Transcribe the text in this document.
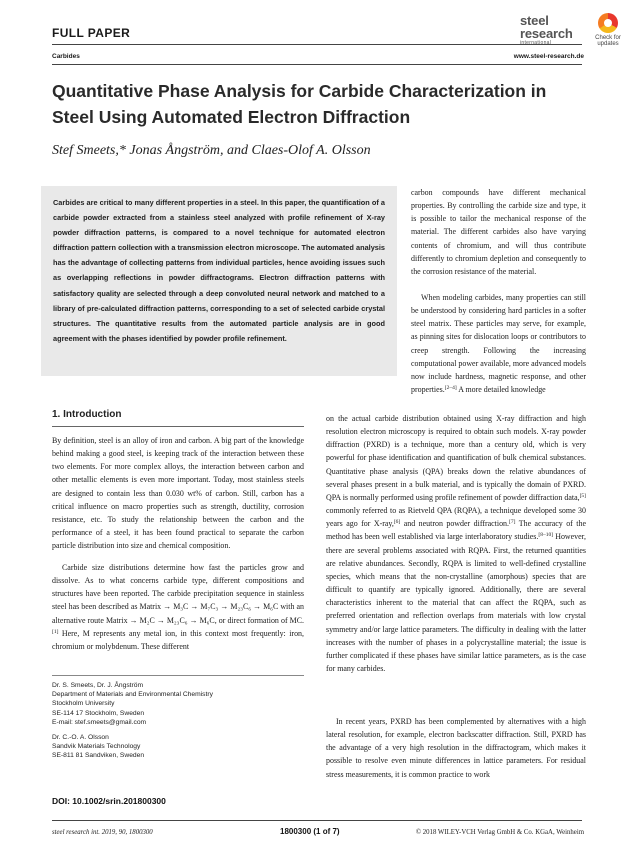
FULL PAPER
Carbides	www.steel-research.de
steel
research
international
Check for
updates
Quantitative Phase Analysis for Carbide Characterization in Steel Using Automated Electron Diffraction
Stef Smeets,* Jonas Ångström, and Claes-Olof A. Olsson
Carbides are critical to many different properties in a steel. In this paper, the quantification of a carbide powder extracted from a stainless steel analyzed with profile refinement of X-ray powder diffraction patterns, is compared to a novel technique for automated electron diffraction pattern collection with a transmission electron microscope. The automated analysis has the advantage of collecting patterns from individual particles, hence avoiding issues such as overlapping reflections in powder diffractograms. Electron diffraction patterns with satisfactory quality are selected through a deep convoluted neural network and matched to a library of pre-calculated diffraction patterns, corresponding to a set of selected carbide crystal structures. The quantitative results from the automated particle analysis are in good agreement with the phases identified by powder profile refinement.

carbon compounds have different mechanical properties. By controlling the carbide size and type, it is possible to tailor the mechanical response of the material. The different carbides also have varying contents of chromium, and will thus contribute differently to chromium depletion and consequently to the corrosion resistance of the material.

When modeling carbides, many properties can still be understood by considering hard particles in a softer steel matrix. These particles may serve, for example, as pinning sites for dislocation loops or contributors to creep strength. Following the increasing computational power available, more advanced models now include hardness, magnetic response, and other properties.[2–4] A more detailed knowledge

1. Introduction

By definition, steel is an alloy of iron and carbon. A big part of the knowledge behind making a good steel, is keeping track of the interaction between these two elements. For more complex alloys, the interaction between carbon and other metallic elements is even more important. Today, most stainless steels are designed to contain less than 0.030 wt% of carbon. Still, carbon has a critical influence on macro properties such as strength, ductility, corrosion resistance, etc. To study the relationship between the carbon and the performance of a steel, it has been found practical to separate the carbon particle distribution into size and chemical composition.

Carbide size distributions determine how fast the particles grow and dissolve. As to what concerns carbide type, different compositions and structures have been reported. The carbide precipitation sequence in stainless steel has been described as Matrix → M₃C → M₇C₃ → M₂₃C₆ → M₆C with an alternative route Matrix → M₂C → M₂₃C₆ → M₆C, or direct formation of MC.[1] Here, M represents any metal ion, in this context most frequently: iron, chromium or molybdenum. These different

on the actual carbide distribution obtained using X-ray diffraction and high resolution electron microscopy is required to obtain such models. X-ray powder diffraction (PXRD) is a technique, more than a century old, which is very powerful for phase identification and quantification of bulk chemical substances. Quantitative phase analysis (QPA) breaks down the relative abundances of several phases present in a bulk material, and is typically the domain of PXRD. QPA is normally performed using profile refinement of powder diffraction data,[5] commonly referred to as Rietveld QPA (RQPA), a technique developed some 30 years ago for X-ray,[6] and neutron powder diffraction.[7] The accuracy of the method has been well established via large interlaboratory studies.[8–10] However, there are several problems associated with RQPA. First, the returned quantities are relative abundances. Secondly, RQPA is limited to well-defined crystalline species, which means that the non-crystalline (amorphous) species that are difficult to quantify are typically ignored. Additionally, there are several characteristics inherent to the material that can affect the RQPA, such as preferred orientation and reflection overlaps from materials with low crystal symmetry and/or large lattice parameters. The difficulty in dealing with the latter increases with the number of phases in a polycrystalline material; the issue is further complicated if these phases have similar lattice parameters, as is the case for many carbides.

In recent years, PXRD has been complemented by alternatives with a high lateral resolution, for example, electron backscatter diffraction. Still, PXRD has the advantage of a very high resolution in the diffractogram, which makes it possible to resolve even minute differences in lattice parameters. For residual stress measurements, it is common practice to work

Dr. S. Smeets, Dr. J. Ångström
Department of Materials and Environmental Chemistry
Stockholm University
SE-114 17 Stockholm, Sweden
E-mail: stef.smeets@gmail.com
Dr. C.-O. A. Olsson
Sandvik Materials Technology
SE-811 81 Sandviken, Sweden
DOI: 10.1002/srin.201800300
steel research int. 2019, 90, 1800300	1800300 (1 of 7)	© 2018 WILEY-VCH Verlag GmbH & Co. KGaA, Weinheim
